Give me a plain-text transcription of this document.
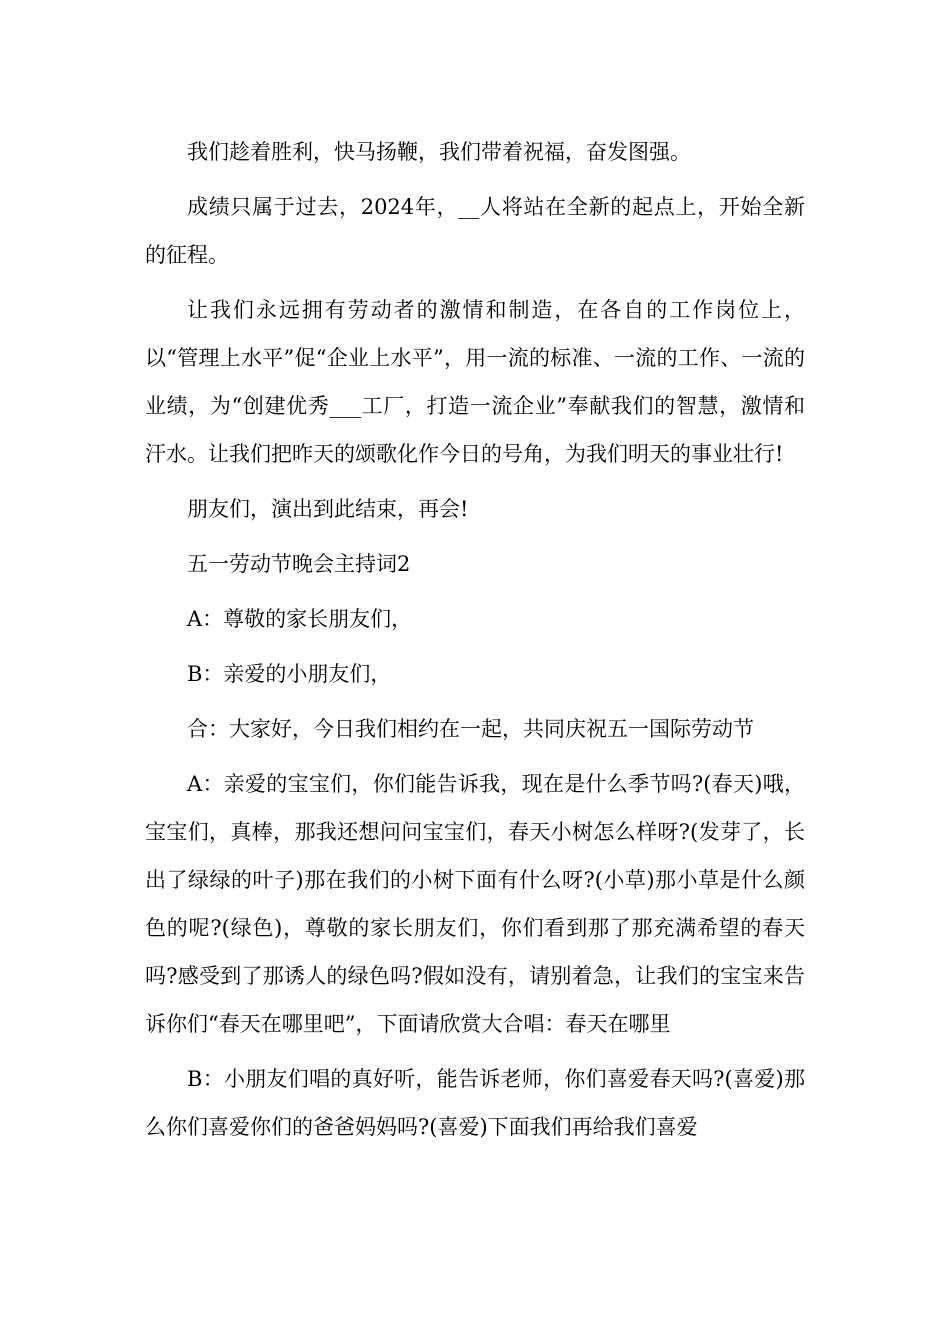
我们趁着胜利，快马扬鞭，我们带着祝福，奋发图强。

成绩只属于过去，2024年，__人将站在全新的起点上，开始全新的征程。

让我们永远拥有劳动者的激情和制造，在各自的工作岗位上，以“管理上水平”促“企业上水平”，用一流的标准、一流的工作、一流的业绩，为“创建优秀___工厂，打造一流企业”奉献我们的智慧，激情和汗水。让我们把昨天的颂歌化作今日的号角，为我们明天的事业壮行!

朋友们，演出到此结束，再会!

五一劳动节晚会主持词2

A：尊敬的家长朋友们，

B：亲爱的小朋友们，

合：大家好，今日我们相约在一起，共同庆祝五一国际劳动节

A：亲爱的宝宝们，你们能告诉我，现在是什么季节吗?(春天)哦，宝宝们，真棒，那我还想问问宝宝们，春天小树怎么样呀?(发芽了，长出了绿绿的叶子)那在我们的小树下面有什么呀?(小草)那小草是什么颜色的呢?(绿色)，尊敬的家长朋友们，你们看到那了那充满希望的春天吗?感受到了那诱人的绿色吗?假如没有，请别着急，让我们的宝宝来告诉你们“春天在哪里吧”，下面请欣赏大合唱：春天在哪里

B：小朋友们唱的真好听，能告诉老师，你们喜爱春天吗?(喜爱)那么你们喜爱你们的爸爸妈妈吗?(喜爱)下面我们再给我们喜爱
